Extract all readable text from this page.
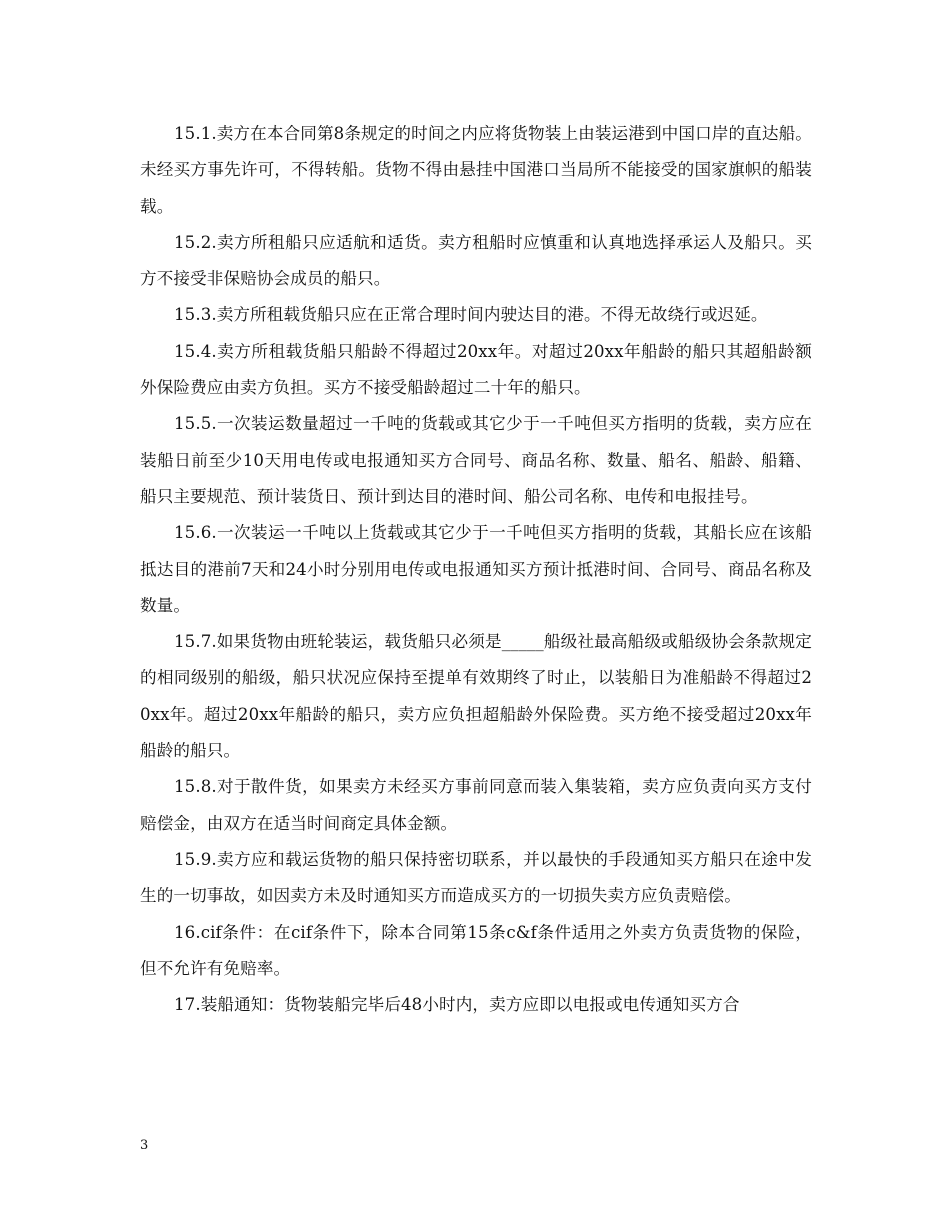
15.1.卖方在本合同第8条规定的时间之内应将货物装上由装运港到中国口岸的直达船。未经买方事先许可，不得转船。货物不得由悬挂中国港口当局所不能接受的国家旗帜的船装载。

15.2.卖方所租船只应适航和适货。卖方租船时应慎重和认真地选择承运人及船只。买方不接受非保赔协会成员的船只。

15.3.卖方所租载货船只应在正常合理时间内驶达目的港。不得无故绕行或迟延。

15.4.卖方所租载货船只船龄不得超过20xx年。对超过20xx年船龄的船只其超船龄额外保险费应由卖方负担。买方不接受船龄超过二十年的船只。

15.5.一次装运数量超过一千吨的货载或其它少于一千吨但买方指明的货载，卖方应在装船日前至少10天用电传或电报通知买方合同号、商品名称、数量、船名、船龄、船籍、船只主要规范、预计装货日、预计到达目的港时间、船公司名称、电传和电报挂号。

15.6.一次装运一千吨以上货载或其它少于一千吨但买方指明的货载，其船长应在该船抵达目的港前7天和24小时分别用电传或电报通知买方预计抵港时间、合同号、商品名称及数量。

15.7.如果货物由班轮装运，载货船只必须是_____船级社最高船级或船级协会条款规定的相同级别的船级，船只状况应保持至提单有效期终了时止，以装船日为准船龄不得超过20xx年。超过20xx年船龄的船只，卖方应负担超船龄外保险费。买方绝不接受超过20xx年船龄的船只。

15.8.对于散件货，如果卖方未经买方事前同意而装入集装箱，卖方应负责向买方支付赔偿金，由双方在适当时间商定具体金额。

15.9.卖方应和载运货物的船只保持密切联系，并以最快的手段通知买方船只在途中发生的一切事故，如因卖方未及时通知买方而造成买方的一切损失卖方应负责赔偿。

16.cif条件：在cif条件下，除本合同第15条c&f条件适用之外卖方负责货物的保险，但不允许有免赔率。

17.装船通知：货物装船完毕后48小时内，卖方应即以电报或电传通知买方合

3
